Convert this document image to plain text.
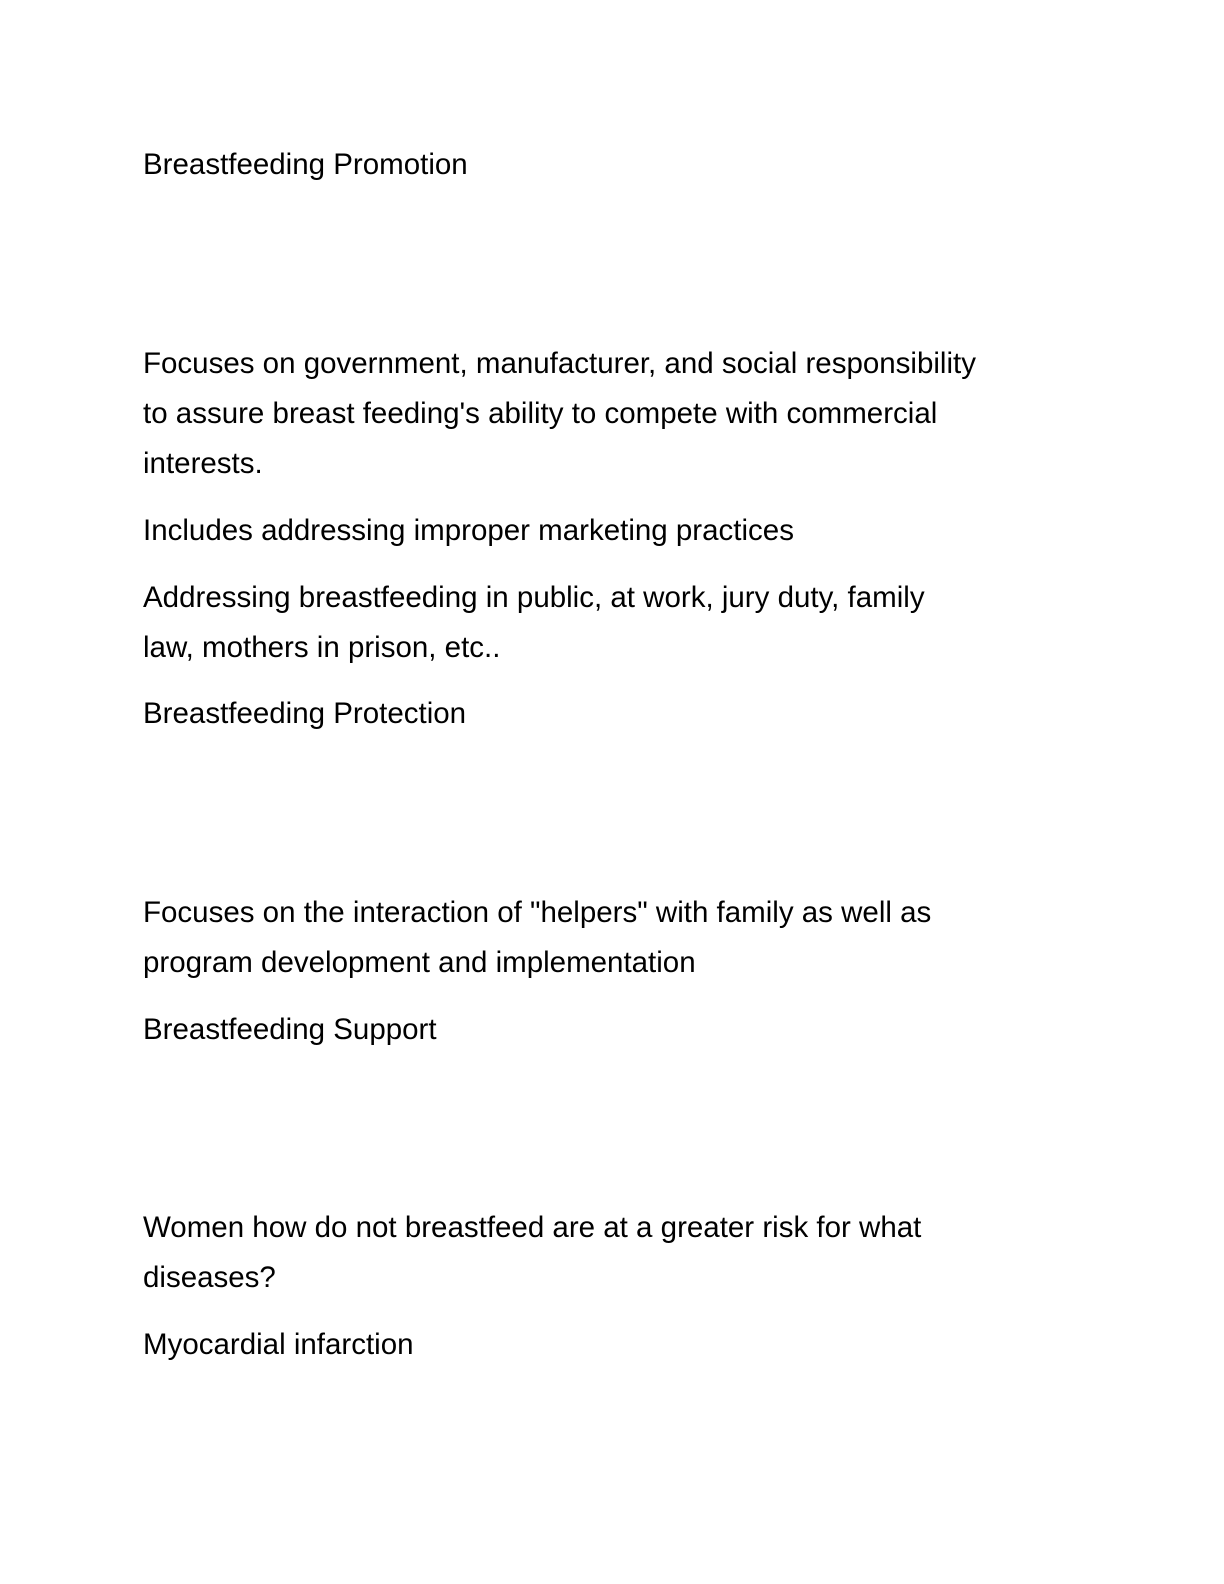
Breastfeeding Promotion

Focuses on government, manufacturer, and social responsibility

to assure breast feeding's ability to compete with commercial

interests.

Includes addressing improper marketing practices

Addressing breastfeeding in public, at work, jury duty, family

law, mothers in prison, etc..

Breastfeeding Protection

Focuses on the interaction of "helpers" with family as well as

program development and implementation

Breastfeeding Support

Women how do not breastfeed are at a greater risk for what

diseases?

Myocardial infarction
